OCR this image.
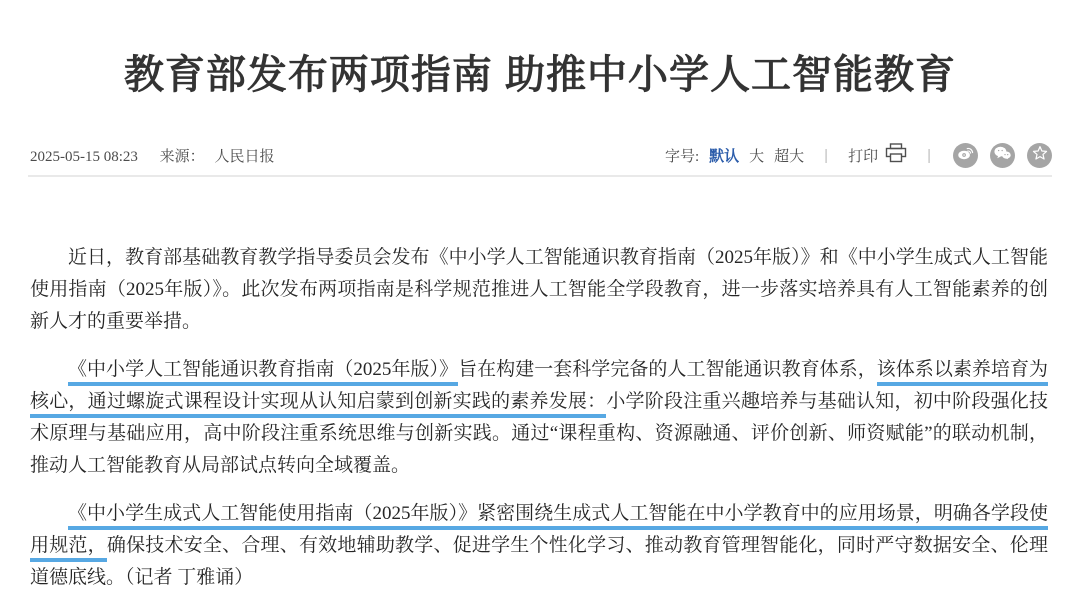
教育部发布两项指南 助推中小学人工智能教育
2025-05-15 08:23 来源： 人民日报	字号: 默认 大 超大 | 打印	|

近日，教育部基础教育教学指导委员会发布《中小学人工智能通识教育指南（2025年版）》和《中小学生成式人工智能使用指南（2025年版）》。此次发布两项指南是科学规范推进人工智能全学段教育，进一步落实培养具有人工智能素养的创新人才的重要举措。

《中小学人工智能通识教育指南（2025年版）》旨在构建一套科学完备的人工智能通识教育体系，该体系以素养培育为核心，通过螺旋式课程设计实现从认知启蒙到创新实践的素养发展：小学阶段注重兴趣培养与基础认知，初中阶段强化技术原理与基础应用，高中阶段注重系统思维与创新实践。通过“课程重构、资源融通、评价创新、师资赋能”的联动机制，推动人工智能教育从局部试点转向全域覆盖。

《中小学生成式人工智能使用指南（2025年版）》紧密围绕生成式人工智能在中小学教育中的应用场景，明确各学段使用规范，确保技术安全、合理、有效地辅助教学、促进学生个性化学习、推动教育管理智能化，同时严守数据安全、伦理道德底线。（记者 丁雅诵）
